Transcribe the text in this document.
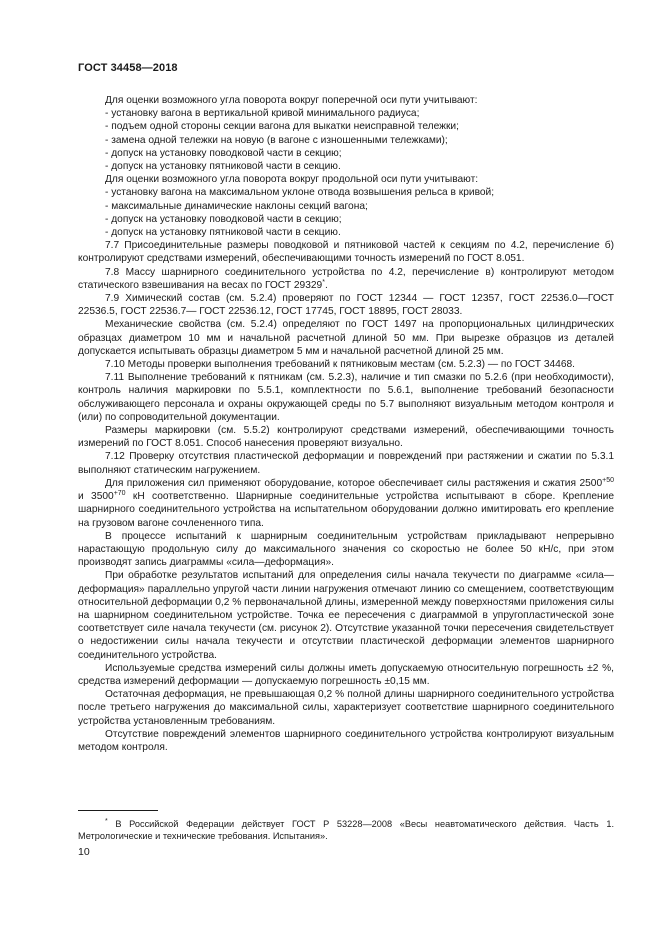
ГОСТ 34458—2018

Для оценки возможного угла поворота вокруг поперечной оси пути учитывают:

- установку вагона в вертикальной кривой минимального радиуса;

- подъем одной стороны секции вагона для выкатки неисправной тележки;

- замена одной тележки на новую (в вагоне с изношенными тележками);

- допуск на установку поводковой части в секцию;

- допуск на установку пятниковой части в секцию.

Для оценки возможного угла поворота вокруг продольной оси пути учитывают:

- установку вагона на максимальном уклоне отвода возвышения рельса в кривой;

- максимальные динамические наклоны секций вагона;

- допуск на установку поводковой части в секцию;

- допуск на установку пятниковой части в секцию.

7.7 Присоединительные размеры поводковой и пятниковой частей к секциям по 4.2, перечисление б) контролируют средствами измерений, обеспечивающими точность измерений по ГОСТ 8.051.

7.8 Массу шарнирного соединительного устройства по 4.2, перечисление в) контролируют методом статического взвешивания на весах по ГОСТ 29329*.

7.9 Химический состав (см. 5.2.4) проверяют по ГОСТ 12344 — ГОСТ 12357, ГОСТ 22536.0—ГОСТ 22536.5, ГОСТ 22536.7— ГОСТ 22536.12, ГОСТ 17745, ГОСТ 18895, ГОСТ 28033.

Механические свойства (см. 5.2.4) определяют по ГОСТ 1497 на пропорциональных цилиндрических образцах диаметром 10 мм и начальной расчетной длиной 50 мм. При вырезке образцов из деталей допускается испытывать образцы диаметром 5 мм и начальной расчетной длиной 25 мм.

7.10 Методы проверки выполнения требований к пятниковым местам (см. 5.2.3) — по ГОСТ 34468.

7.11 Выполнение требований к пятникам (см. 5.2.3), наличие и тип смазки по 5.2.6 (при необходимости), контроль наличия маркировки по 5.5.1, комплектности по 5.6.1, выполнение требований безопасности обслуживающего персонала и охраны окружающей среды по 5.7 выполняют визуальным методом контроля и (или) по сопроводительной документации.

Размеры маркировки (см. 5.5.2) контролируют средствами измерений, обеспечивающими точность измерений по ГОСТ 8.051. Способ нанесения проверяют визуально.

7.12 Проверку отсутствия пластической деформации и повреждений при растяжении и сжатии по 5.3.1 выполняют статическим нагружением.

Для приложения сил применяют оборудование, которое обеспечивает силы растяжения и сжатия $2500^{+50}$ и $3500^{+70}$ кН соответственно. Шарнирные соединительные устройства испытывают в сборе. Крепление шарнирного соединительного устройства на испытательном оборудовании должно имитировать его крепление на грузовом вагоне сочлененного типа.

В процессе испытаний к шарнирным соединительным устройствам прикладывают непрерывно нарастающую продольную силу до максимального значения со скоростью не более 50 кН/с, при этом производят запись диаграммы «сила—деформация».

При обработке результатов испытаний для определения силы начала текучести по диаграмме «сила—деформация» параллельно упругой части линии нагружения отмечают линию со смещением, соответствующим относительной деформации 0,2 % первоначальной длины, измеренной между поверхностями приложения силы на шарнирном соединительном устройстве. Точка ее пересечения с диаграммой в упругопластической зоне соответствует силе начала текучести (см. рисунок 2). Отсутствие указанной точки пересечения свидетельствует о недостижении силы начала текучести и отсутствии пластической деформации элементов шарнирного соединительного устройства.

Используемые средства измерений силы должны иметь допускаемую относительную погрешность ±2 %, средства измерений деформации — допускаемую погрешность ±0,15 мм.

Остаточная деформация, не превышающая 0,2 % полной длины шарнирного соединительного устройства после третьего нагружения до максимальной силы, характеризует соответствие шарнирного соединительного устройства установленным требованиям.

Отсутствие повреждений элементов шарнирного соединительного устройства контролируют визуальным методом контроля.

* В Российской Федерации действует ГОСТ Р 53228—2008 «Весы неавтоматического действия. Часть 1. Метрологические и технические требования. Испытания».
10
